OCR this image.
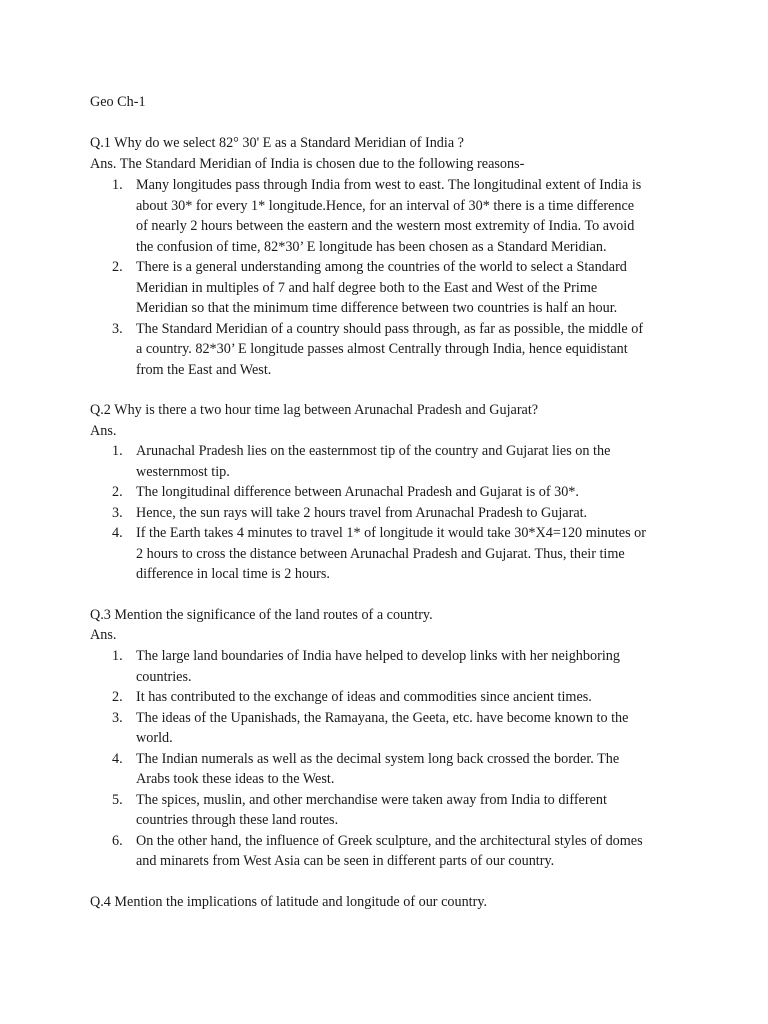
Geo Ch-1
Q.1 Why do we select 82° 30' E as a Standard Meridian of India ?
Ans. The Standard Meridian of India is chosen due to the following reasons-
1. Many longitudes pass through India from west to east. The longitudinal extent of India is
about 30* for every 1* longitude.Hence, for an interval of 30* there is a time difference
of nearly 2 hours between the eastern and the western most extremity of India. To avoid
the confusion of time, 82*30’ E longitude has been chosen as a Standard Meridian.
2. There is a general understanding among the countries of the world to select a Standard
Meridian in multiples of 7 and half degree both to the East and West of the Prime
Meridian so that the minimum time difference between two countries is half an hour.
3. The Standard Meridian of a country should pass through, as far as possible, the middle of
a country. 82*30’ E longitude passes almost Centrally through India, hence equidistant
from the East and West.
Q.2 Why is there a two hour time lag between Arunachal Pradesh and Gujarat?
Ans.
1. Arunachal Pradesh lies on the easternmost tip of the country and Gujarat lies on the
westernmost tip.
2. The longitudinal difference between Arunachal Pradesh and Gujarat is of 30*.
3. Hence, the sun rays will take 2 hours travel from Arunachal Pradesh to Gujarat.
4. If the Earth takes 4 minutes to travel 1* of longitude it would take 30*X4=120 minutes or
2 hours to cross the distance between Arunachal Pradesh and Gujarat. Thus, their time
difference in local time is 2 hours.
Q.3 Mention the significance of the land routes of a country.
Ans.
1. The large land boundaries of India have helped to develop links with her neighboring
countries.
2. It has contributed to the exchange of ideas and commodities since ancient times.
3. The ideas of the Upanishads, the Ramayana, the Geeta, etc. have become known to the
world.
4. The Indian numerals as well as the decimal system long back crossed the border. The
Arabs took these ideas to the West.
5. The spices, muslin, and other merchandise were taken away from India to different
countries through these land routes.
6. On the other hand, the influence of Greek sculpture, and the architectural styles of domes
and minarets from West Asia can be seen in different parts of our country.
Q.4 Mention the implications of latitude and longitude of our country.
